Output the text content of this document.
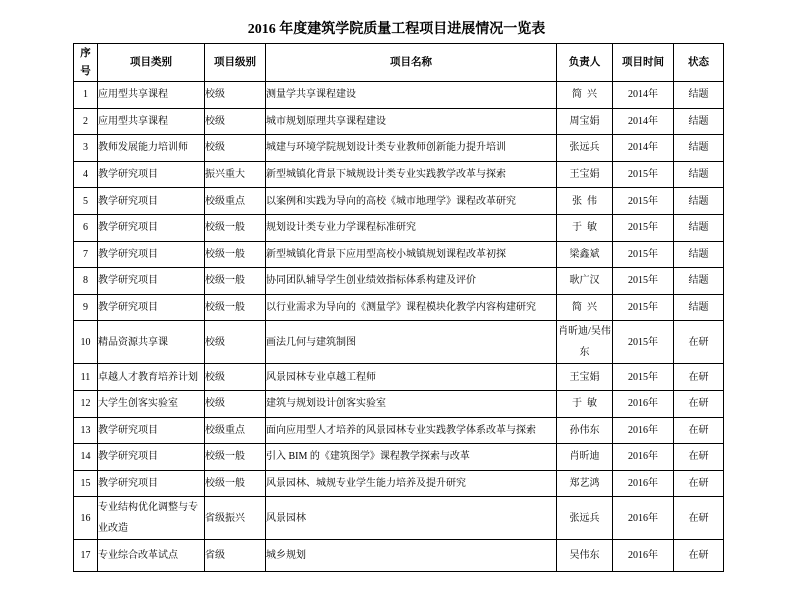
2016 年度建筑学院质量工程项目进展情况一览表
序号	项目类别	项目级别	项目名称	负责人	项目时间	状态
1	应用型共享课程	校级	测量学共享课程建设	简  兴	2014年	结题
2	应用型共享课程	校级	城市规划原理共享课程建设	周宝娟	2014年	结题
3	教师发展能力培训师	校级	城建与环境学院规划设计类专业教师创新能力提升培训	张远兵	2014年	结题
4	教学研究项目	振兴重大	新型城镇化背景下城规设计类专业实践教学改革与探索	王宝娟	2015年	结题
5	教学研究项目	校级重点	以案例和实践为导向的高校《城市地理学》课程改革研究	张  伟	2015年	结题
6	教学研究项目	校级一般	规划设计类专业力学课程标准研究	于  敏	2015年	结题
7	教学研究项目	校级一般	新型城镇化背景下应用型高校小城镇规划课程改革初探	梁鑫斌	2015年	结题
8	教学研究项目	校级一般	协同团队辅导学生创业绩效指标体系构建及评价	耿广汉	2015年	结题
9	教学研究项目	校级一般	以行业需求为导向的《测量学》课程模块化教学内容构建研究	简  兴	2015年	结题
10	精品资源共享课	校级	画法几何与建筑制图	肖昕迪/吴伟东	2015年	在研
11	卓越人才教育培养计划	校级	风景园林专业卓越工程师	王宝娟	2015年	在研
12	大学生创客实验室	校级	建筑与规划设计创客实验室	于  敏	2016年	在研
13	教学研究项目	校级重点	面向应用型人才培养的风景园林专业实践教学体系改革与探索	孙伟东	2016年	在研
14	教学研究项目	校级一般	引入 BIM 的《建筑图学》课程教学探索与改革	肖昕迪	2016年	在研
15	教学研究项目	校级一般	风景园林、城规专业学生能力培养及提升研究	郑艺鸿	2016年	在研
16	专业结构优化调整与专业改造	省级振兴	风景园林	张远兵	2016年	在研
17	专业综合改革试点	省级	城乡规划	吴伟东	2016年	在研
